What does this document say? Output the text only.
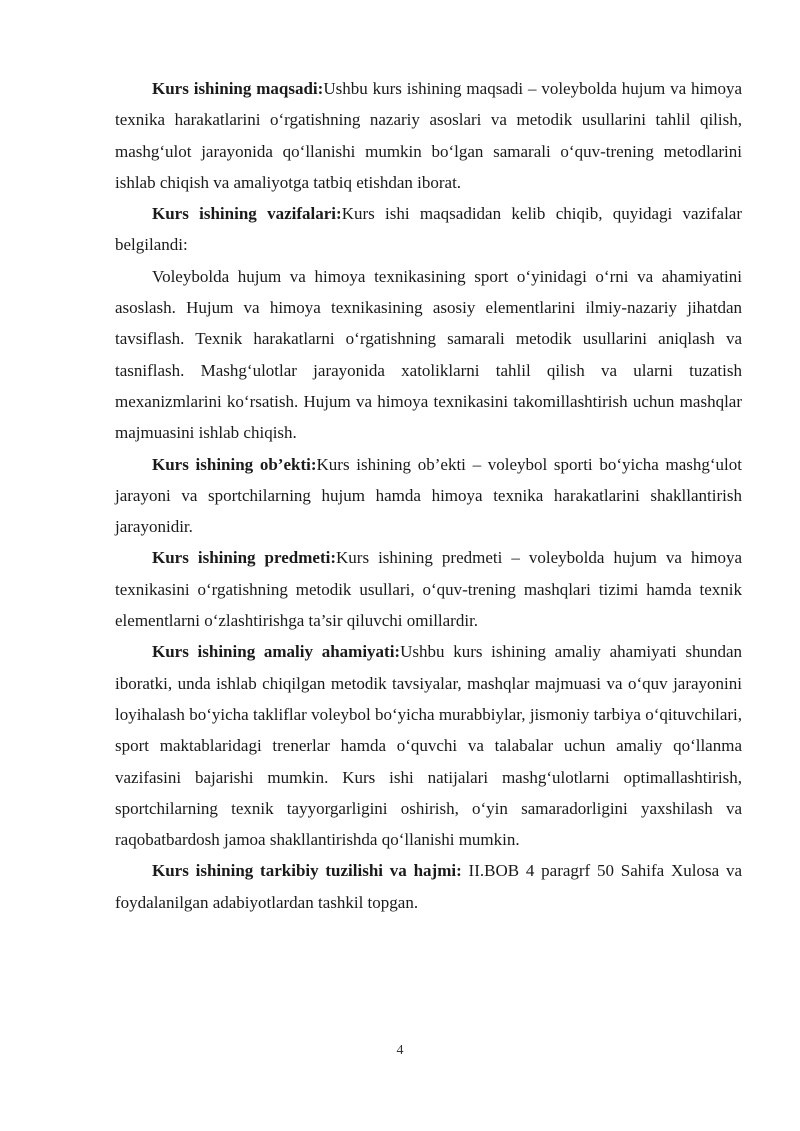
Kurs ishining maqsadi:Ushbu kurs ishining maqsadi – voleybolda hujum va himoya texnika harakatlarini o‘rgatishning nazariy asoslari va metodik usullarini tahlil qilish, mashg‘ulot jarayonida qo‘llanishi mumkin bo‘lgan samarali o‘quv-trening metodlarini ishlab chiqish va amaliyotga tatbiq etishdan iborat.

Kurs ishining vazifalari:Kurs ishi maqsadidan kelib chiqib, quyidagi vazifalar belgilandi:

Voleybolda hujum va himoya texnikasining sport o‘yinidagi o‘rni va ahamiyatini asoslash. Hujum va himoya texnikasining asosiy elementlarini ilmiy-nazariy jihatdan tavsiflash. Texnik harakatlarni o‘rgatishning samarali metodik usullarini aniqlash va tasniflash. Mashg‘ulotlar jarayonida xatoliklarni tahlil qilish va ularni tuzatish mexanizmlarini ko‘rsatish. Hujum va himoya texnikasini takomillashtirish uchun mashqlar majmuasini ishlab chiqish.

Kurs ishining ob’ekti:Kurs ishining ob’ekti – voleybol sporti bo‘yicha mashg‘ulot jarayoni va sportchilarning hujum hamda himoya texnika harakatlarini shakllantirish jarayonidir.

Kurs ishining predmeti:Kurs ishining predmeti – voleybolda hujum va himoya texnikasini o‘rgatishning metodik usullari, o‘quv-trening mashqlari tizimi hamda texnik elementlarni o‘zlashtirishga ta’sir qiluvchi omillardir.

Kurs ishining amaliy ahamiyati:Ushbu kurs ishining amaliy ahamiyati shundan iboratki, unda ishlab chiqilgan metodik tavsiyalar, mashqlar majmuasi va o‘quv jarayonini loyihalash bo‘yicha takliflar voleybol bo‘yicha murabbiylar, jismoniy tarbiya o‘qituvchilari, sport maktablaridagi trenerlar hamda o‘quvchi va talabalar uchun amaliy qo‘llanma vazifasini bajarishi mumkin. Kurs ishi natijalari mashg‘ulotlarni optimallashtirish, sportchilarning texnik tayyorgarligini oshirish, o‘yin samaradorligini yaxshilash va raqobatbardosh jamoa shakllantirishda qo‘llanishi mumkin.

Kurs ishining tarkibiy tuzilishi va hajmi: II.BOB 4 paragrf 50 Sahifa Xulosa va foydalanilgan adabiyotlardan tashkil topgan.

4
